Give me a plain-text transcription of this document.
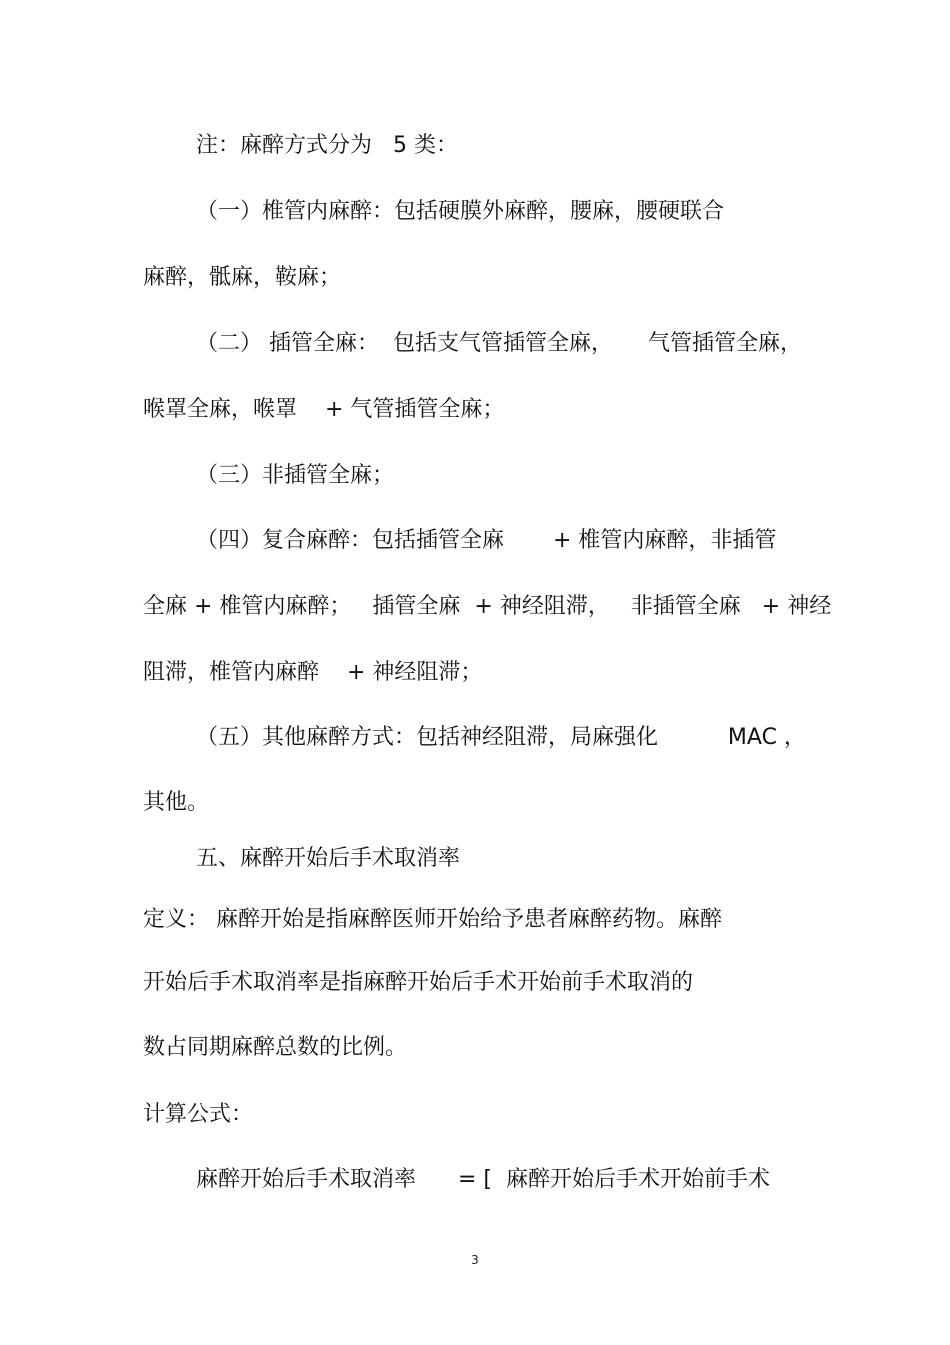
注：麻醉方式分为   5 类：
（一）椎管内麻醉：包括硬膜外麻醉，腰麻，腰硬联合
麻醉，骶麻，鞍麻；
（二） 插管全麻：  包括支气管插管全麻，     气管插管全麻，
喉罩全麻，喉罩    + 气管插管全麻；
（三）非插管全麻；
（四）复合麻醉：包括插管全麻       + 椎管内麻醉，非插管
全麻 + 椎管内麻醉；   插管全麻  + 神经阻滞，   非插管全麻   + 神经
阻滞，椎管内麻醉    + 神经阻滞；
（五）其他麻醉方式：包括神经阻滞，局麻强化          MAC ，
其他。
五、麻醉开始后手术取消率
定义： 麻醉开始是指麻醉医师开始给予患者麻醉药物。麻醉
开始后手术取消率是指麻醉开始后手术开始前手术取消的
数占同期麻醉总数的比例。
计算公式：
麻醉开始后手术取消率      = [  麻醉开始后手术开始前手术
3
